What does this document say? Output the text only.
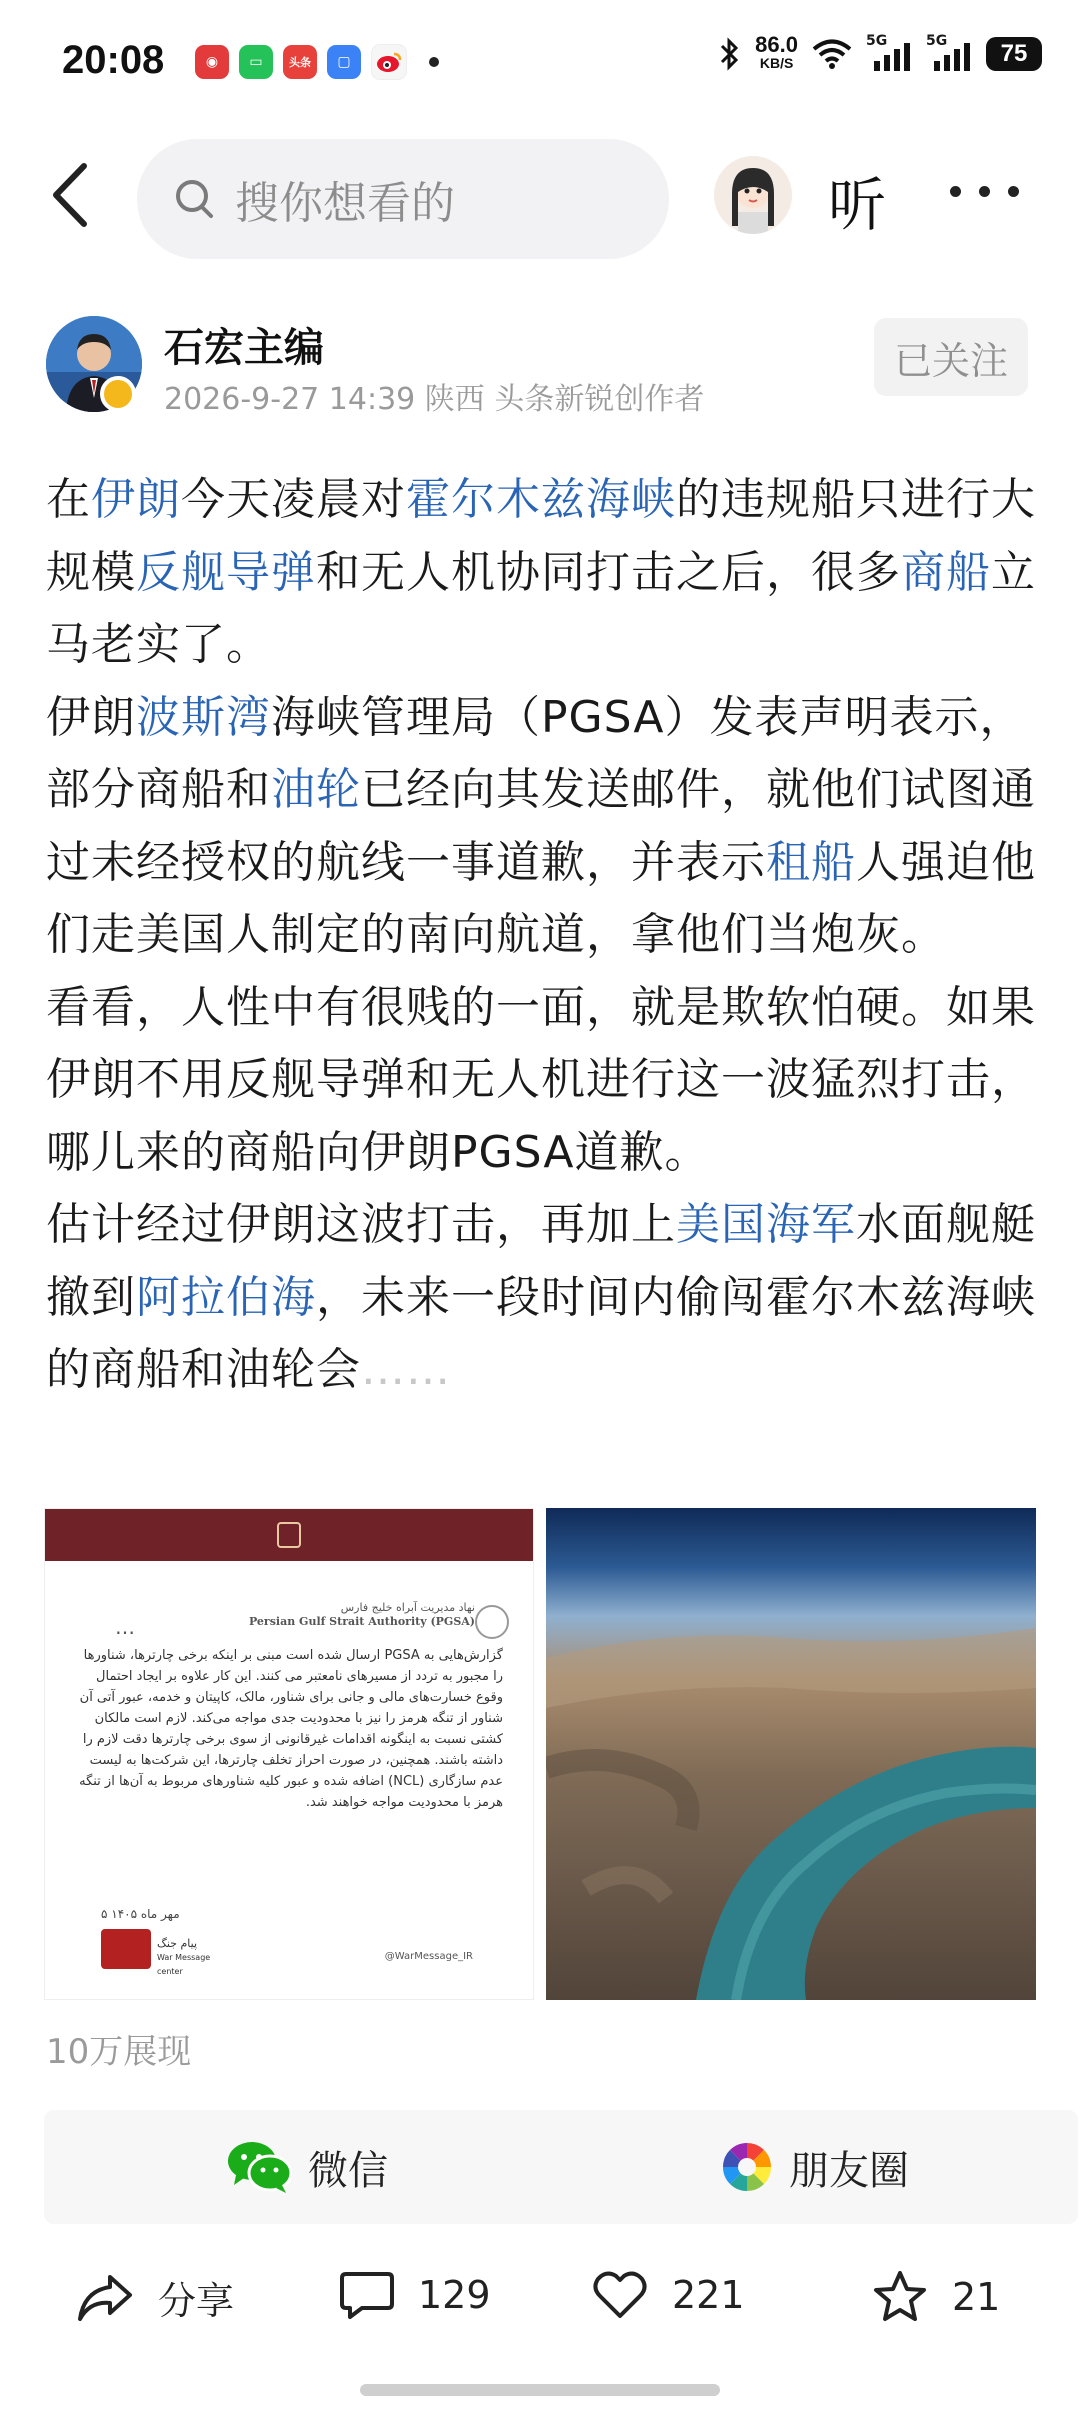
20:08	◉	▭	头条	▢
86.0
KB/S
5G	5G	75
搜你想看的	听
石宏主编
2026-9-27 14:39 陕西 头条新锐创作者
已关注

在伊朗今天凌晨对霍尔木兹海峡的违规船只进行大规模反舰导弹和无人机协同打击之后，很多商船立马老实了。

伊朗波斯湾海峡管理局（PGSA）发表声明表示，部分商船和油轮已经向其发送邮件，就他们试图通过未经授权的航线一事道歉，并表示租船人强迫他们走美国人制定的南向航道，拿他们当炮灰。

看看，人性中有很贱的一面，就是欺软怕硬。如果伊朗不用反舰导弹和无人机进行这一波猛烈打击，哪儿来的商船向伊朗PGSA道歉。

估计经过伊朗这波打击，再加上美国海军水面舰艇撤到阿拉伯海，未来一段时间内偷闯霍尔木兹海峡的商船和油轮会……

…
نهاد مدیریت آبراه خلیج فارس
Persian Gulf Strait Authority (PGSA)
گزارش‌هایی به PGSA ارسال شده است مبنی بر اینکه برخی چارترها، شناورها را مجبور به تردد از مسیرهای نامعتبر می کنند. این کار علاوه بر ایجاد احتمال وقوع خسارت‌های مالی و جانی برای شناور، مالک، کاپیتان و خدمه، عبور آتی آن شناور از تنگه هرمز را نیز با محدودیت جدی مواجه می‌کند. لازم است مالکان کشتی نسبت به اینگونه اقدامات غیرقانونی از سوی برخی چارترها دقت لازم را داشته باشند. همچنین، در صورت احراز تخلف چارترها، این شرکت‌ها به لیست عدم سازگاری (NCL) اضافه شده و عبور کلیه شناورهای مربوط به آن‌ها از تنگه هرمز با محدودیت مواجه خواهند شد.
۵ مهر ماه ۱۴۰۵
پیام جنگ
War Message center
@WarMessage_IR
10万展现
微信	朋友圈
分享	129	221	21
